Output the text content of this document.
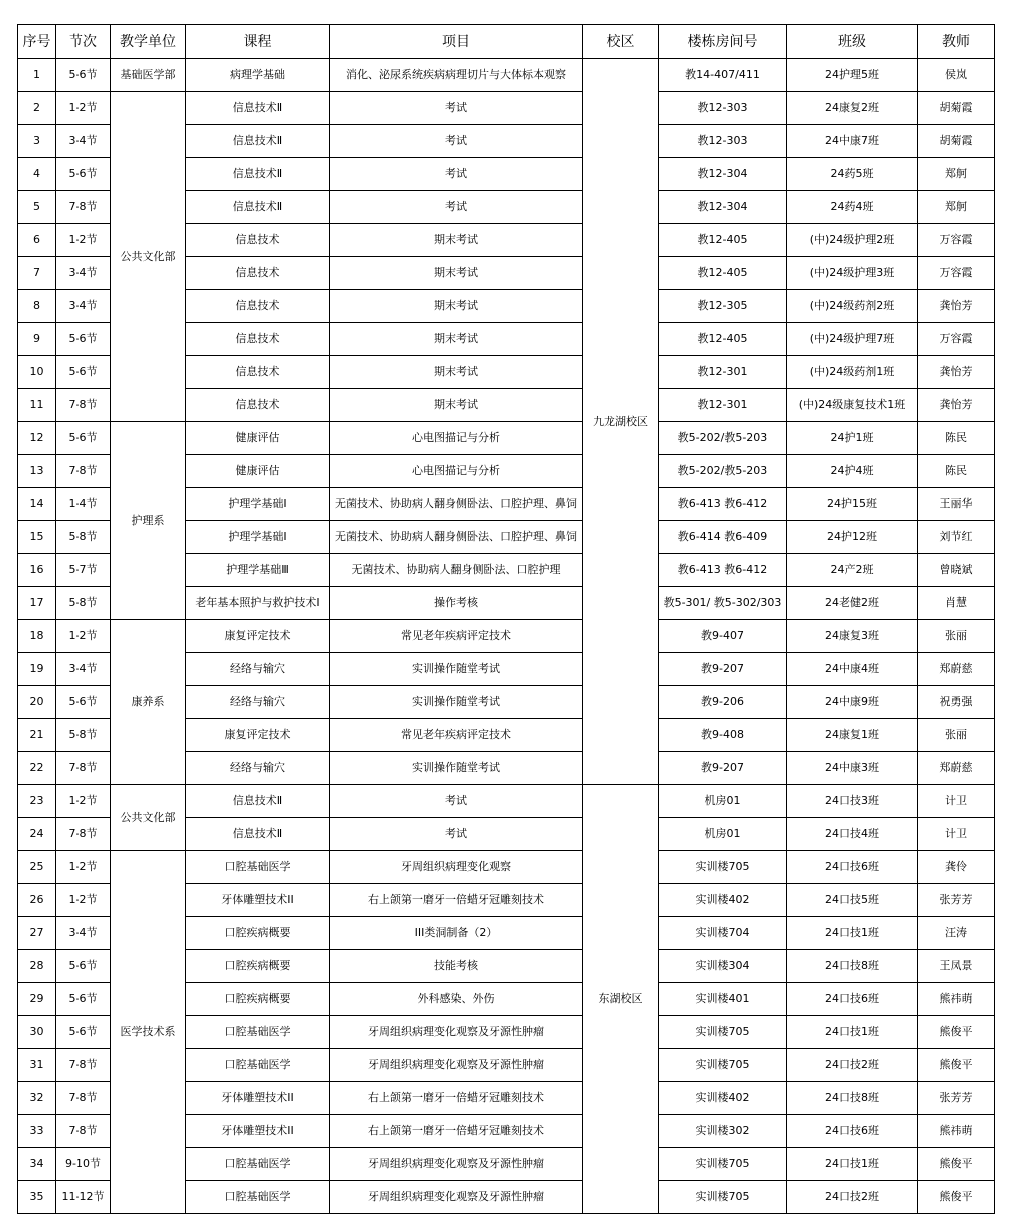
序号	节次	教学单位	课程	项目	校区	楼栋房间号	班级	教师
1	5-6节	基础医学部	病理学基础	消化、泌尿系统疾病病理切片与大体标本观察	九龙湖校区	教14-407/411	24护理5班	侯岚
2	1-2节	公共文化部	信息技术Ⅱ	考试		教12-303	24康复2班	胡菊霞
3	3-4节		信息技术Ⅱ	考试		教12-303	24中康7班	胡菊霞
4	5-6节		信息技术Ⅱ	考试		教12-304	24药5班	郑舸
5	7-8节		信息技术Ⅱ	考试		教12-304	24药4班	郑舸
6	1-2节		信息技术	期末考试		教12-405	(中)24级护理2班	万容霞
7	3-4节		信息技术	期末考试		教12-405	(中)24级护理3班	万容霞
8	3-4节		信息技术	期末考试		教12-305	(中)24级药剂2班	龚怡芳
9	5-6节		信息技术	期末考试		教12-405	(中)24级护理7班	万容霞
10	5-6节		信息技术	期末考试		教12-301	(中)24级药剂1班	龚怡芳
11	7-8节		信息技术	期末考试		教12-301	(中)24级康复技术1班	龚怡芳
12	5-6节	护理系	健康评估	心电图描记与分析		教5-202/教5-203	24护1班	陈民
13	7-8节		健康评估	心电图描记与分析		教5-202/教5-203	24护4班	陈民
14	1-4节		护理学基础Ⅰ	无菌技术、协助病人翻身侧卧法、口腔护理、鼻饲		教6-413 教6-412	24护15班	王丽华
15	5-8节		护理学基础Ⅰ	无菌技术、协助病人翻身侧卧法、口腔护理、鼻饲		教6-414 教6-409	24护12班	刘节红
16	5-7节		护理学基础Ⅲ	无菌技术、协助病人翻身侧卧法、口腔护理		教6-413 教6-412	24产2班	曾晓斌
17	5-8节		老年基本照护与救护技术Ⅰ	操作考核		教5-301/ 教5-302/303	24老健2班	肖慧
18	1-2节	康养系	康复评定技术	常见老年疾病评定技术		教9-407	24康复3班	张丽
19	3-4节		经络与输穴	实训操作随堂考试		教9-207	24中康4班	郑蔚慈
20	5-6节		经络与输穴	实训操作随堂考试		教9-206	24中康9班	祝勇强
21	5-8节		康复评定技术	常见老年疾病评定技术		教9-408	24康复1班	张丽
22	7-8节		经络与输穴	实训操作随堂考试		教9-207	24中康3班	郑蔚慈
23	1-2节	公共文化部	信息技术Ⅱ	考试	东湖校区	机房01	24口技3班	计卫
24	7-8节		信息技术Ⅱ	考试		机房01	24口技4班	计卫
25	1-2节	医学技术系	口腔基础医学	牙周组织病理变化观察		实训楼705	24口技6班	龚伶
26	1-2节		牙体雕塑技术II	右上颌第一磨牙一倍蜡牙冠雕刻技术		实训楼402	24口技5班	张芳芳
27	3-4节		口腔疾病概要	III类洞制备（2）		实训楼704	24口技1班	汪涛
28	5-6节		口腔疾病概要	技能考核		实训楼304	24口技8班	王凤景
29	5-6节		口腔疾病概要	外科感染、外伤		实训楼401	24口技6班	熊祎萌
30	5-6节		口腔基础医学	牙周组织病理变化观察及牙源性肿瘤		实训楼705	24口技1班	熊俊平
31	7-8节		口腔基础医学	牙周组织病理变化观察及牙源性肿瘤		实训楼705	24口技2班	熊俊平
32	7-8节		牙体雕塑技术II	右上颌第一磨牙一倍蜡牙冠雕刻技术		实训楼402	24口技8班	张芳芳
33	7-8节		牙体雕塑技术II	右上颌第一磨牙一倍蜡牙冠雕刻技术		实训楼302	24口技6班	熊祎萌
34	9-10节		口腔基础医学	牙周组织病理变化观察及牙源性肿瘤		实训楼705	24口技1班	熊俊平
35	11-12节		口腔基础医学	牙周组织病理变化观察及牙源性肿瘤		实训楼705	24口技2班	熊俊平
